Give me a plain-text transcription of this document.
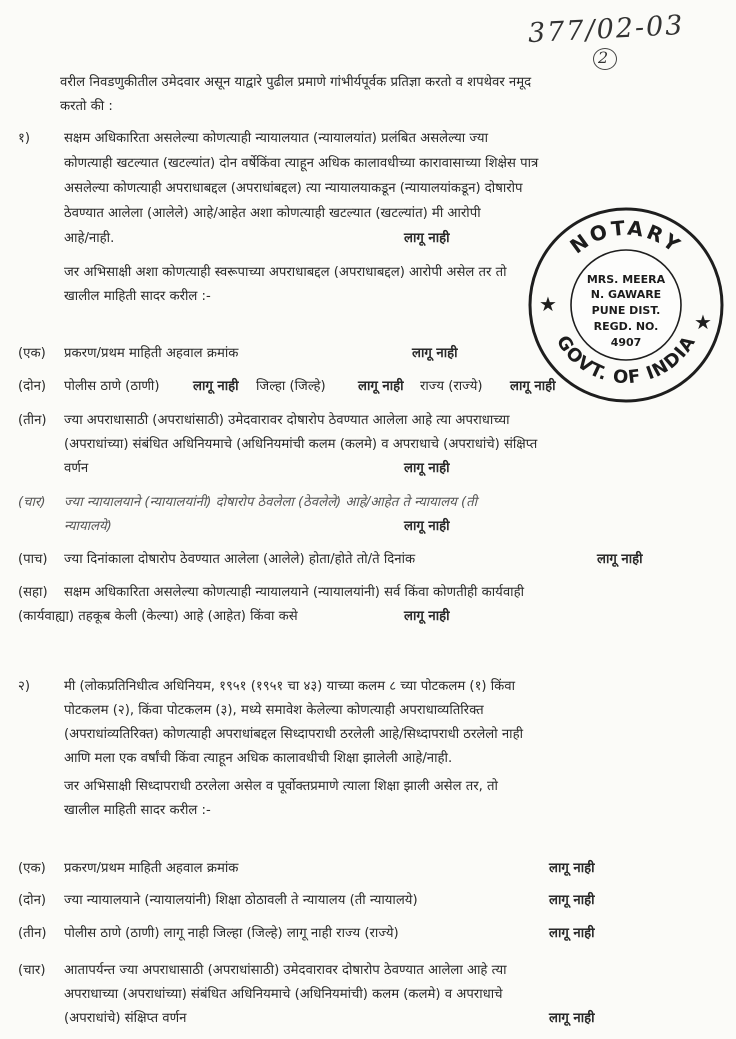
377/02-03
2
वरील निवडणुकीतील उमेदवार असून याद्वारे पुढील प्रमाणे गांभीर्यपूर्वक प्रतिज्ञा करतो व शपथेवर नमूद
करतो की :
१)	सक्षम अधिकारिता असलेल्या कोणत्याही न्यायालयात (न्यायालयांत) प्रलंबित असलेल्या ज्या
कोणत्याही खटल्यात (खटल्यांत) दोन वर्षेकिंवा त्याहून अधिक कालावधीच्या कारावासाच्या शिक्षेस पात्र
असलेल्या कोणत्याही अपराधाबद्दल (अपराधांबद्दल) त्या न्यायालयाकडून (न्यायालयांकडून) दोषारोप
ठेवण्यात आलेला (आलेले) आहे/आहेत अशा कोणत्याही खटल्यात (खटल्यांत) मी आरोपी
आहे/नाही.	लागू नाही
जर अभिसाक्षी अशा कोणत्याही स्वरूपाच्या अपराधाबद्दल (अपराधाबद्दल) आरोपी असेल तर तो
खालील माहिती सादर करील :-
(एक) प्रकरण/प्रथम माहिती अहवाल क्रमांक	लागू नाही
(दोन) पोलीस ठाणे (ठाणी)	लागू नाही जिल्हा (जिल्हे) लागू नाही राज्य (राज्ये) लागू नाही
(तीन) ज्या अपराधासाठी (अपराधांसाठी) उमेदवारावर दोषारोप ठेवण्यात आलेला आहे त्या अपराधाच्या
(अपराधांच्या) संबंधित अधिनियमाचे (अधिनियमांची कलम (कलमे) व अपराधाचे (अपराधांचे) संक्षिप्त
वर्णन	लागू नाही
(चार) ज्या न्यायालयाने (न्यायालयांनी) दोषारोप ठेवलेला (ठेवलेले) आहे/आहेत ते न्यायालय (ती
न्यायालये)	लागू नाही
(पाच) ज्या दिनांकाला दोषारोप ठेवण्यात आलेला (आलेले) होता/होते तो/ते दिनांक	लागू नाही
(सहा) सक्षम अधिकारिता असलेल्या कोणत्याही न्यायालयाने (न्यायालयांनी) सर्व किंवा कोणतीही कार्यवाही
(कार्यवाह्या) तहकूब केली (केल्या) आहे (आहेत) किंवा कसे	लागू नाही
२)	मी (लोकप्रतिनिधीत्व अधिनियम, १९५१ (१९५१ चा ४३) याच्या कलम ८ च्या पोटकलम (१) किंवा
पोटकलम (२), किंवा पोटकलम (३), मध्ये समावेश केलेल्या कोणत्याही अपराधाव्यतिरिक्त
(अपराधांव्यतिरिक्त) कोणत्याही अपराधांबद्दल सिध्दापराधी ठरलेली आहे/सिध्दापराधी ठरलेलो नाही
आणि मला एक वर्षांची किंवा त्याहून अधिक कालावधीची शिक्षा झालेली आहे/नाही.
जर अभिसाक्षी सिध्दापराधी ठरलेला असेल व पूर्वोक्तप्रमाणे त्याला शिक्षा झाली असेल तर, तो
खालील माहिती सादर करील :-
(एक) प्रकरण/प्रथम माहिती अहवाल क्रमांक	लागू नाही
(दोन) ज्या न्यायालयाने (न्यायालयांनी) शिक्षा ठोठावली ते न्यायालय (ती न्यायालये)	लागू नाही
(तीन) पोलीस ठाणे (ठाणी) लागू नाही जिल्हा (जिल्हे) लागू नाही राज्य (राज्ये)	लागू नाही
(चार) आतापर्यन्त ज्या अपराधासाठी (अपराधांसाठी) उमेदवारावर दोषारोप ठेवण्यात आलेला आहे त्या
अपराधाच्या (अपराधांच्या) संबंधित अधिनियमाचे (अधिनियमांची) कलम (कलमे) व अपराधाचे
(अपराधांचे) संक्षिप्त वर्णन	लागू नाही
NOTARY
GOVT. OF INDIA
★
★
MRS. MEERA
N. GAWARE
PUNE DIST.
REGD. NO.
4907
